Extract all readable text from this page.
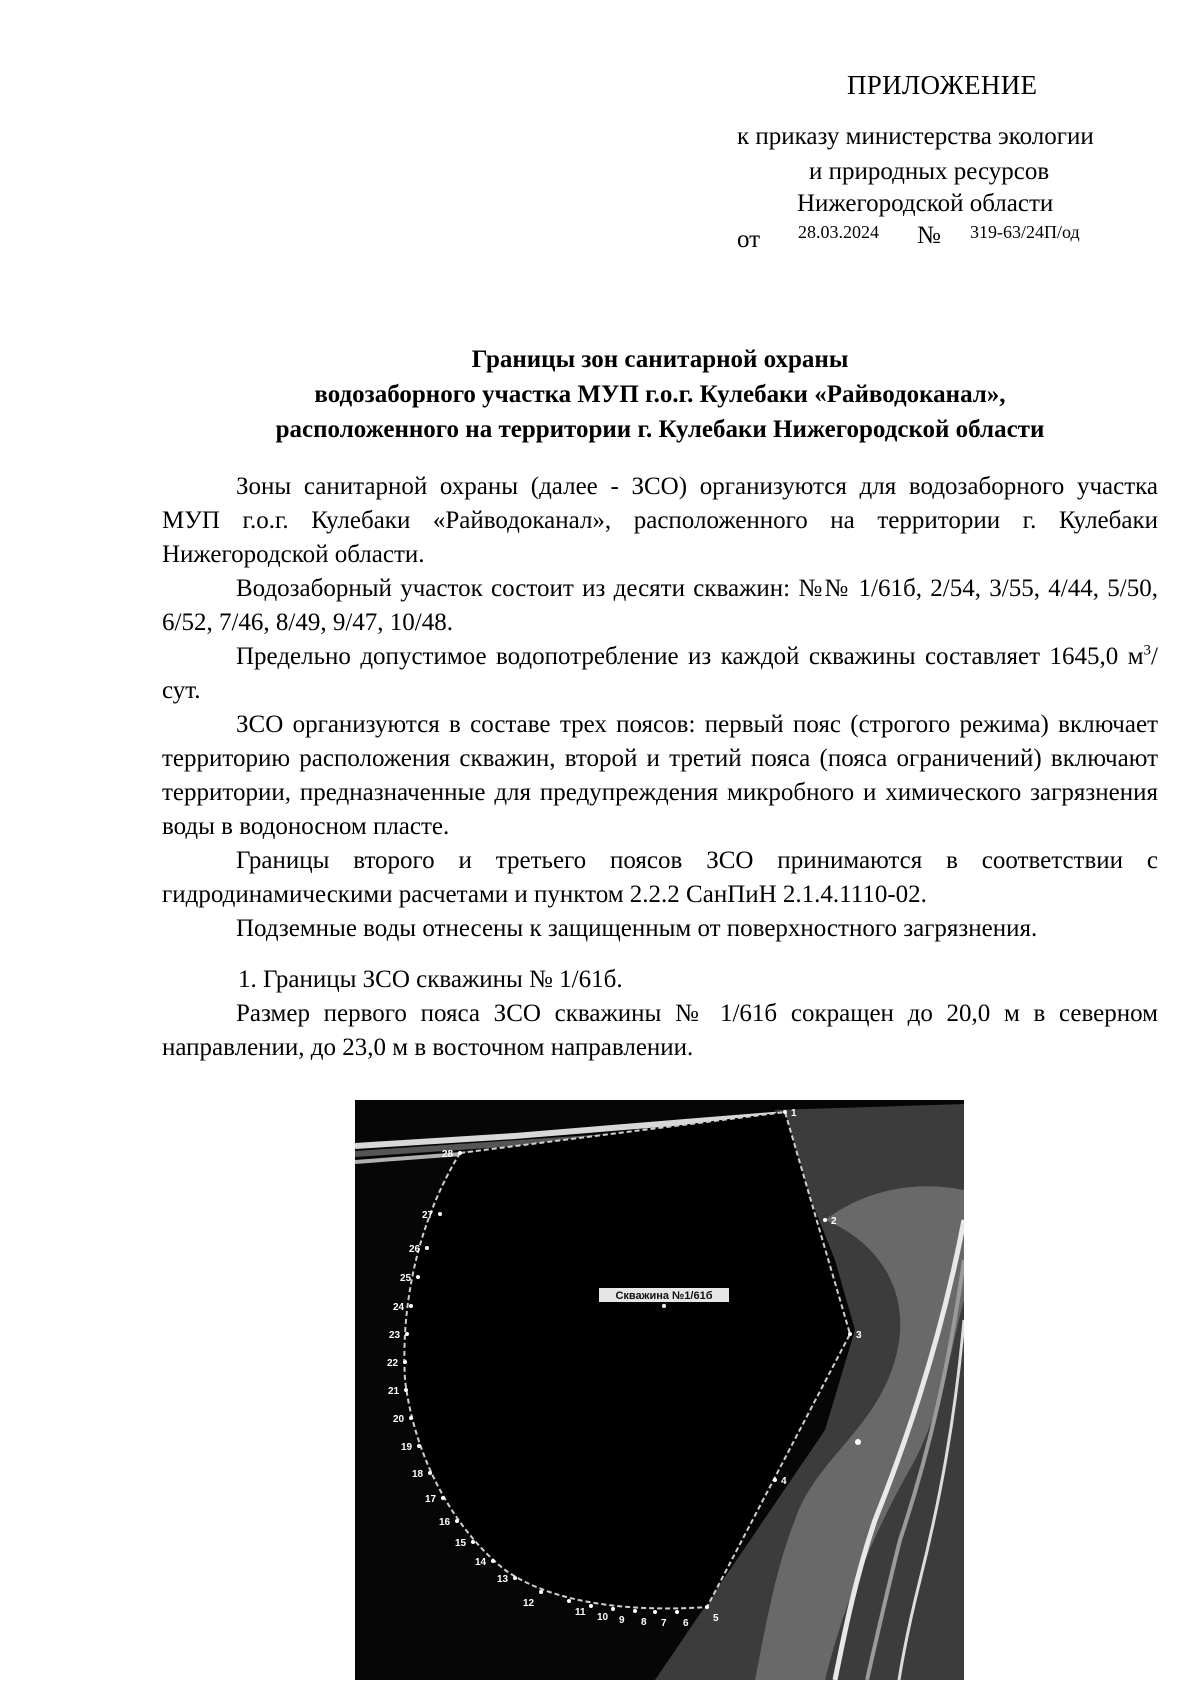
ПРИЛОЖЕНИЕ
к приказу министерства экологии
и природных ресурсов
Нижегородской области
от 28.03.2024 № 319-63/24П/од
Границы зон санитарной охраны
водозаборного участка МУП г.о.г. Кулебаки «Райводоканал»,
расположенного на территории г. Кулебаки Нижегородской области

Зоны санитарной охраны (далее - ЗСО) организуются для водозаборного участка МУП г.о.г. Кулебаки «Райводоканал», расположенного на территории г. Кулебаки Нижегородской области.

Водозаборный участок состоит из десяти скважин: №№ 1/61б, 2/54, 3/55, 4/44, 5/50, 6/52, 7/46, 8/49, 9/47, 10/48.

Предельно допустимое водопотребление из каждой скважины составляет 1645,0 $м^3$/сут.

ЗСО организуются в составе трех поясов: первый пояс (строгого режима) включает территорию расположения скважин, второй и третий пояса (пояса ограничений) включают территории, предназначенные для предупреждения микробного и химического загрязнения воды в водоносном пласте.

Границы второго и третьего поясов ЗСО принимаются в соответствии с гидродинамическими расчетами и пунктом 2.2.2 СанПиН 2.1.4.1110-02.

Подземные воды отнесены к защищенным от поверхностного загрязнения.

1. Границы ЗСО скважины № 1/61б.

Размер первого пояса ЗСО скважины № 1/61б сокращен до 20,0 м в северном направлении, до 23,0 м в восточном направлении.

1
2
3
4
5
6
7
8
9
10
11
12
13
14
15
16
17
18
19
20
21
22
23
24
25
26
27
28
Скважина №1/61б
